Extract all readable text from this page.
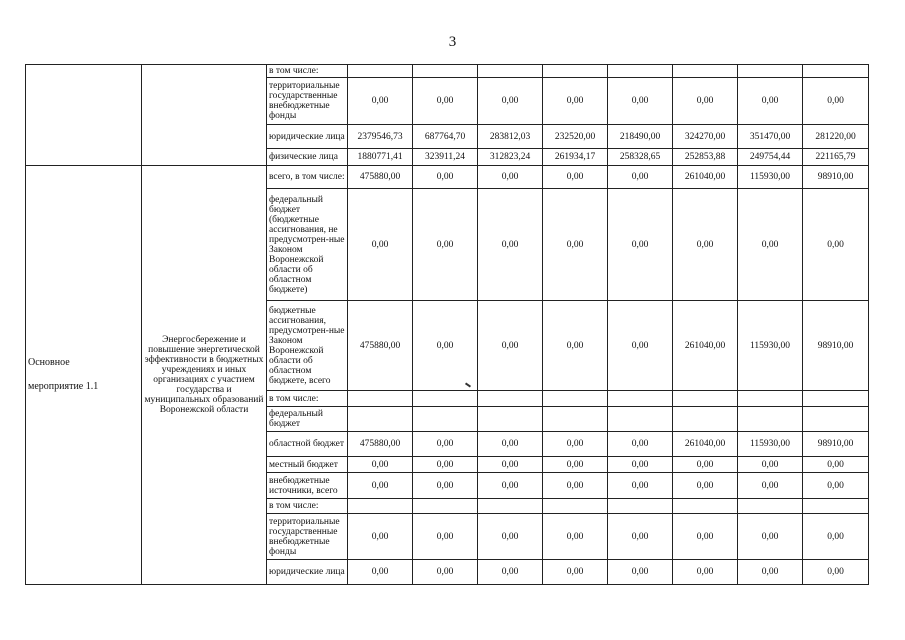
3
		в том числе:								
		территориальные государственные внебюджетные фонды	0,00	0,00	0,00	0,00	0,00	0,00	0,00	0,00
		юридические лица	2379546,73	687764,70	283812,03	232520,00	218490,00	324270,00	351470,00	281220,00
		физические лица	1880771,41	323911,24	312823,24	261934,17	258328,65	252853,88	249754,44	221165,79

Основное
мероприятие 1.1	Энергосбережение и повышение энергетической эффективности в бюджетных учреждениях и иных организациях с участием государства и муниципальных образований Воронежской области	всего, в том числе:	475880,00	0,00	0,00	0,00	0,00	261040,00	115930,00	98910,00
		федеральный бюджет (бюджетные ассигнования, не предусмотрен-ные Законом Воронежской области об областном бюджете)	0,00	0,00	0,00	0,00	0,00	0,00	0,00	0,00
		бюджетные ассигнования, предусмотрен-ные Законом Воронежской области об областном бюджете, всего	475880,00	0,00	0,00	0,00	0,00	261040,00	115930,00	98910,00
		в том числе:								
		федеральный бюджет								
		областной бюджет	475880,00	0,00	0,00	0,00	0,00	261040,00	115930,00	98910,00
		местный бюджет	0,00	0,00	0,00	0,00	0,00	0,00	0,00	0,00
		внебюджетные источники, всего	0,00	0,00	0,00	0,00	0,00	0,00	0,00	0,00
		в том числе:								
		территориальные государственные внебюджетные фонды	0,00	0,00	0,00	0,00	0,00	0,00	0,00	0,00
		юридические лица	0,00	0,00	0,00	0,00	0,00	0,00	0,00	0,00
